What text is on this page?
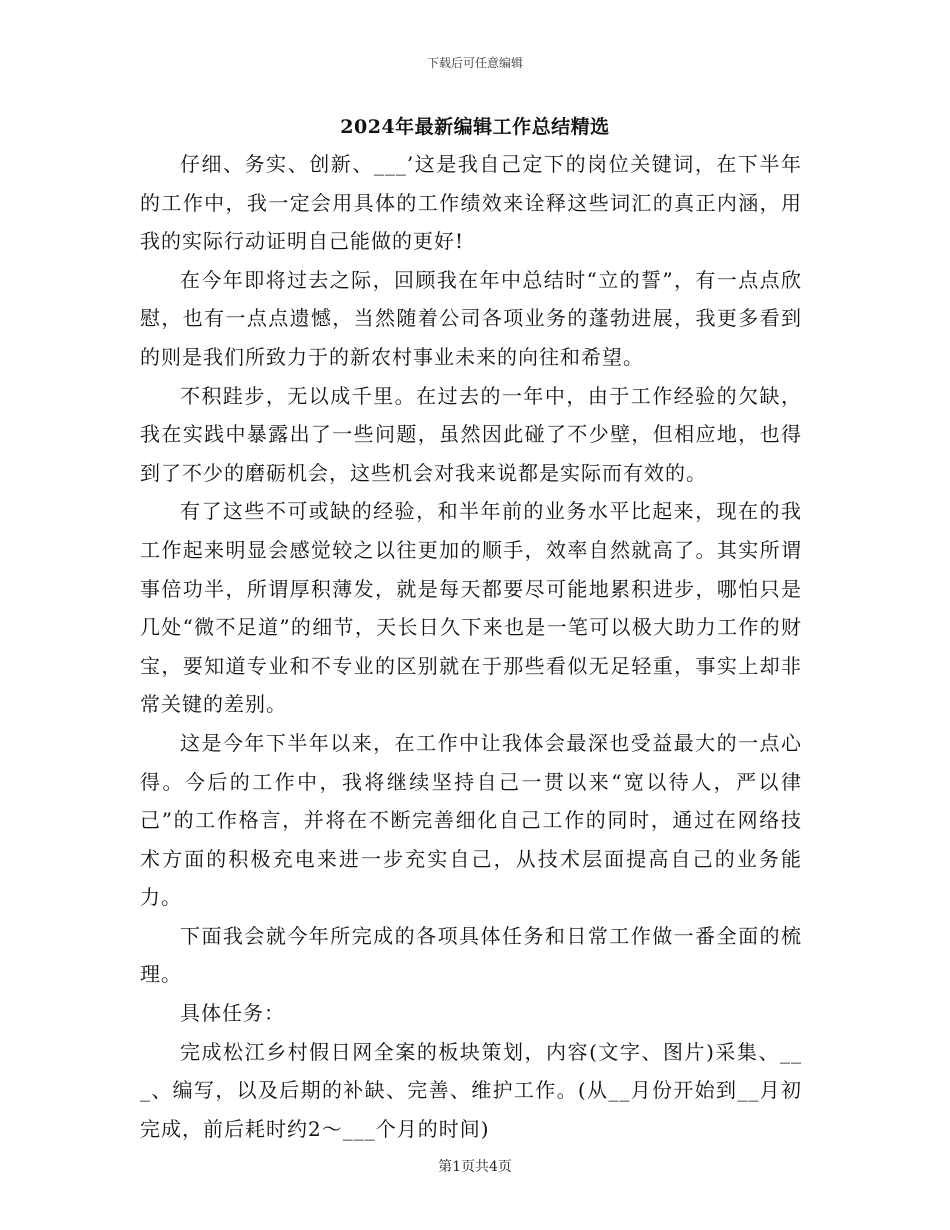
下载后可任意编辑
2024年最新编辑工作总结精选

仔细、务实、创新、___’这是我自己定下的岗位关键词，在下半年的工作中，我一定会用具体的工作绩效来诠释这些词汇的真正内涵，用我的实际行动证明自己能做的更好!

在今年即将过去之际，回顾我在年中总结时“立的誓”，有一点点欣慰，也有一点点遗憾，当然随着公司各项业务的蓬勃进展，我更多看到的则是我们所致力于的新农村事业未来的向往和希望。

不积跬步，无以成千里。在过去的一年中，由于工作经验的欠缺，我在实践中暴露出了一些问题，虽然因此碰了不少壁，但相应地，也得到了不少的磨砺机会，这些机会对我来说都是实际而有效的。

有了这些不可或缺的经验，和半年前的业务水平比起来，现在的我工作起来明显会感觉较之以往更加的顺手，效率自然就高了。其实所谓事倍功半，所谓厚积薄发，就是每天都要尽可能地累积进步，哪怕只是几处“微不足道”的细节，天长日久下来也是一笔可以极大助力工作的财宝，要知道专业和不专业的区别就在于那些看似无足轻重，事实上却非常关键的差别。

这是今年下半年以来，在工作中让我体会最深也受益最大的一点心得。今后的工作中，我将继续坚持自己一贯以来“宽以待人，严以律己”的工作格言，并将在不断完善细化自己工作的同时，通过在网络技术方面的积极充电来进一步充实自己，从技术层面提高自己的业务能力。

下面我会就今年所完成的各项具体任务和日常工作做一番全面的梳理。

具体任务：

完成松江乡村假日网全案的板块策划，内容(文字、图片)采集、___、编写，以及后期的补缺、完善、维护工作。(从__月份开始到__月初完成，前后耗时约2～___个月的时间)

第1页共4页
